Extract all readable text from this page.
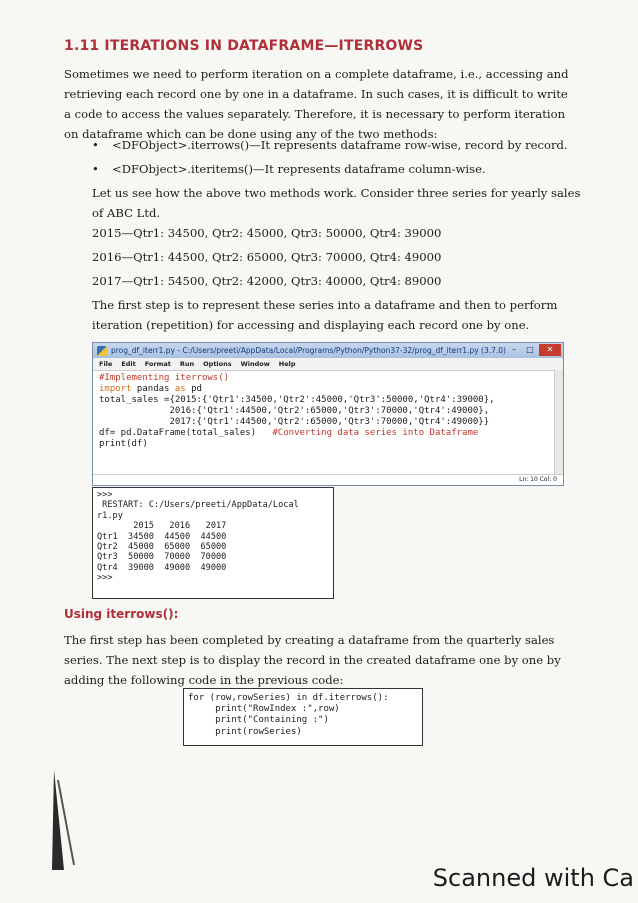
1.11 ITERATIONS IN DATAFRAME—ITERROWS
Sometimes we need to perform iteration on a complete dataframe, i.e., accessing and retrieving each record one by one in a dataframe. In such cases, it is difficult to write a code to access the values separately. Therefore, it is necessary to perform iteration on dataframe which can be done using any of the two methods:
•	<DFObject>.iterrows()—It represents dataframe row-wise, record by record.
•	<DFObject>.iteritems()—It represents dataframe column-wise.
Let us see how the above two methods work. Consider three series for yearly sales of ABC Ltd.
2015—Qtr1: 34500, Qtr2: 45000, Qtr3: 50000, Qtr4: 39000
2016—Qtr1: 44500, Qtr2: 65000, Qtr3: 70000, Qtr4: 49000
2017—Qtr1: 54500, Qtr2: 42000, Qtr3: 40000, Qtr4: 89000
The first step is to represent these series into a dataframe and then to perform iteration (repetition) for accessing and displaying each record one by one.
prog_df_iterr1.py - C:/Users/preeti/AppData/Local/Programs/Python/Python37-32/prog_df_iterr1.py (3.7.0) –	□	✕
File Edit Format Run Options Window Help
#Implementing iterrows()
import pandas as pd
total_sales ={2015:{'Qtr1':34500,'Qtr2':45000,'Qtr3':50000,'Qtr4':39000},
2016:{'Qtr1':44500,'Qtr2':65000,'Qtr3':70000,'Qtr4':49000},
2017:{'Qtr1':44500,'Qtr2':65000,'Qtr3':70000,'Qtr4':49000}}
df= pd.DataFrame(total_sales)   #Converting data series into Dataframe
print(df)
Ln: 10 Col: 0
>>>
RESTART: C:/Users/preeti/AppData/Local
r1.py
2015   2016   2017
Qtr1  34500  44500  44500
Qtr2  45000  65000  65000
Qtr3  50000  70000  70000
Qtr4  39000  49000  49000
>>>
Using iterrows():
The first step has been completed by creating a dataframe from the quarterly sales series. The next step is to display the record in the created dataframe one by one by adding the following code in the previous code:
for (row,rowSeries) in df.iterrows():
print("RowIndex :",row)
print("Containing :")
print(rowSeries)
Scanned with Ca
